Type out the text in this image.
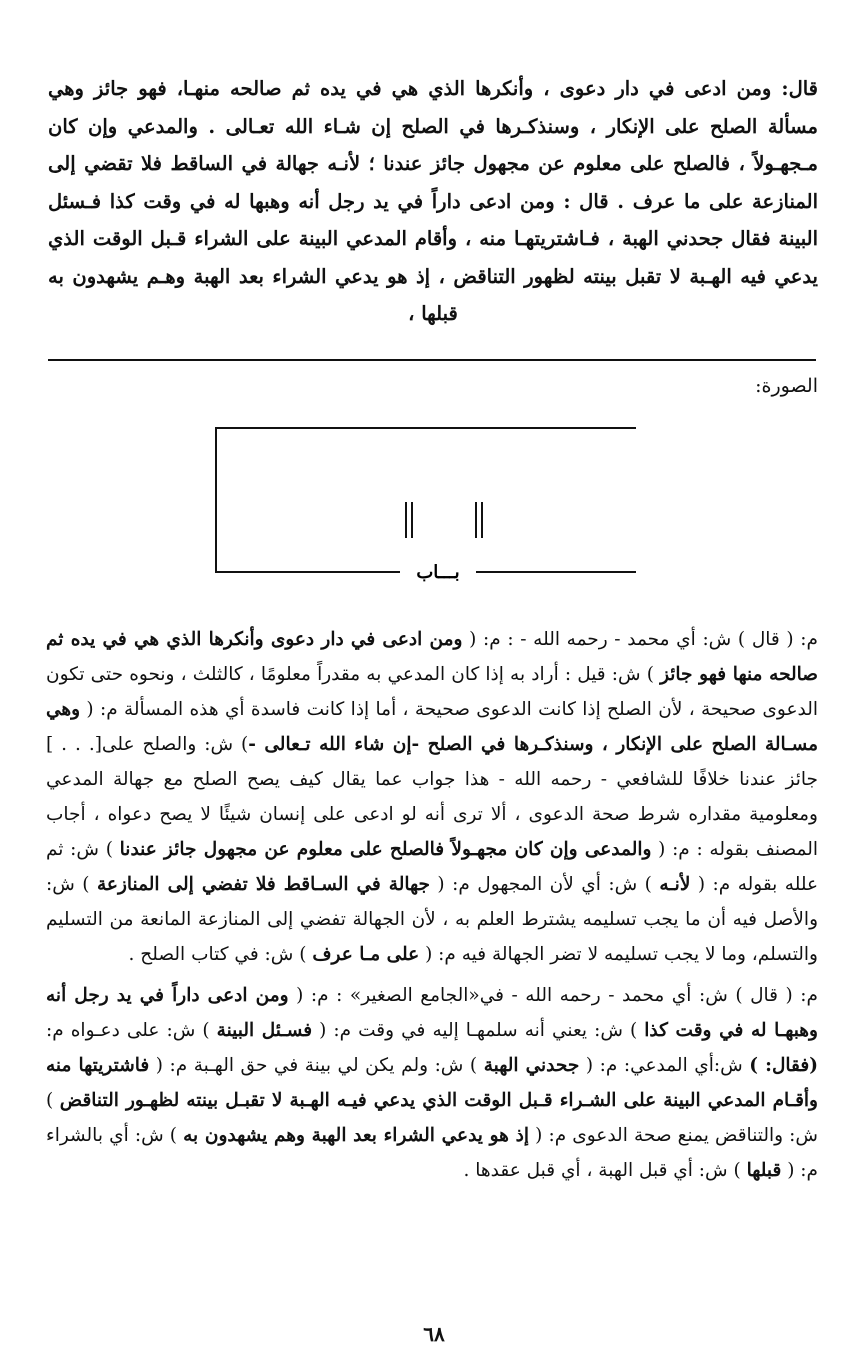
قال: ومن ادعى في دار دعوى ، وأنكرها الذي هي في يده ثم صالحه منهـا، فهو جائز وهي مسألة الصلح على الإنكار ، وسنذكـرها في الصلح إن شـاء الله تعـالى . والمدعي وإن كان مـجهـولاً ، فالصلح على معلوم عن مجهول جائز عندنا ؛ لأنـه جهالة في الساقط فلا تقضي إلى المنازعة على ما عرف . قال : ومن ادعى داراً في يد رجل أنه وهبها له في وقت كذا فـسئل البينة فقال جحدني الهبة ، فـاشتريتهـا منه ، وأقام المدعي البينة على الشراء قـبل الوقت الذي يدعي فيه الهـبة لا تقبل بينته لظهور التناقض ، إذ هو يدعي الشراء بعد الهبة وهـم يشهدون به قبلها ،
الصورة:
بـــاب

م: ( قال ) ش: أي محمد - رحمه الله - : م: ( ومن ادعى في دار دعوى وأنكرها الذي هي في يده ثم صالحه منها فهو جائز ) ش: قيل : أراد به إذا كان المدعي به مقدراً معلومًا ، كالثلث ، ونحوه حتى تكون الدعوى صحيحة ، لأن الصلح إذا كانت الدعوى صحيحة ، أما إذا كانت فاسدة أي هذه المسألة م: ( وهي مسـالة الصلح على الإنكار ، وسنذكـرها في الصلح -إن شاء الله تـعالى -) ش: والصلح على[. . . ] جائز عندنا خلافًا للشافعي - رحمه الله - هذا جواب عما يقال كيف يصح الصلح مع جهالة المدعي ومعلومية مقداره شرط صحة الدعوى ، ألا ترى أنه لو ادعى على إنسان شيئًا لا يصح دعواه ، أجاب المصنف بقوله : م: ( والمدعى وإن كان مجهـولاً فالصلح على معلوم عن مجهول جائز عندنا ) ش: ثم علله بقوله م: ( لأنـه ) ش: أي لأن المجهول م: ( جهالة في السـاقط فلا تفضي إلى المنازعة ) ش: والأصل فيه أن ما يجب تسليمه يشترط العلم به ، لأن الجهالة تفضي إلى المنازعة المانعة من التسليم والتسلم، وما لا يجب تسليمه لا تضر الجهالة فيه م: ( على مـا عرف ) ش: في كتاب الصلح .

م: ( قال ) ش: أي محمد - رحمه الله - في«الجامع الصغير» : م: ( ومن ادعى داراً في يد رجل أنه وهبهـا له في وقت كذا ) ش: يعني أنه سلمهـا إليه في وقت م: ( فسـئل البينة ) ش: على دعـواه م: (فقال: ) ش:أي المدعي: م: ( جحدني الهبة ) ش: ولم يكن لي بينة في حق الهـبة م: ( فاشتريتها منه وأقـام المدعي البينة على الشـراء قـبل الوقت الذي يدعي فيـه الهـبة لا تقبـل بينته لظهـور التناقض ) ش: والتناقض يمنع صحة الدعوى م: ( إذ هو يدعي الشراء بعد الهبة وهم يشهدون به ) ش: أي بالشراء م: ( قبلها ) ش: أي قبل الهبة ، أي قبل عقدها .

٦٨
